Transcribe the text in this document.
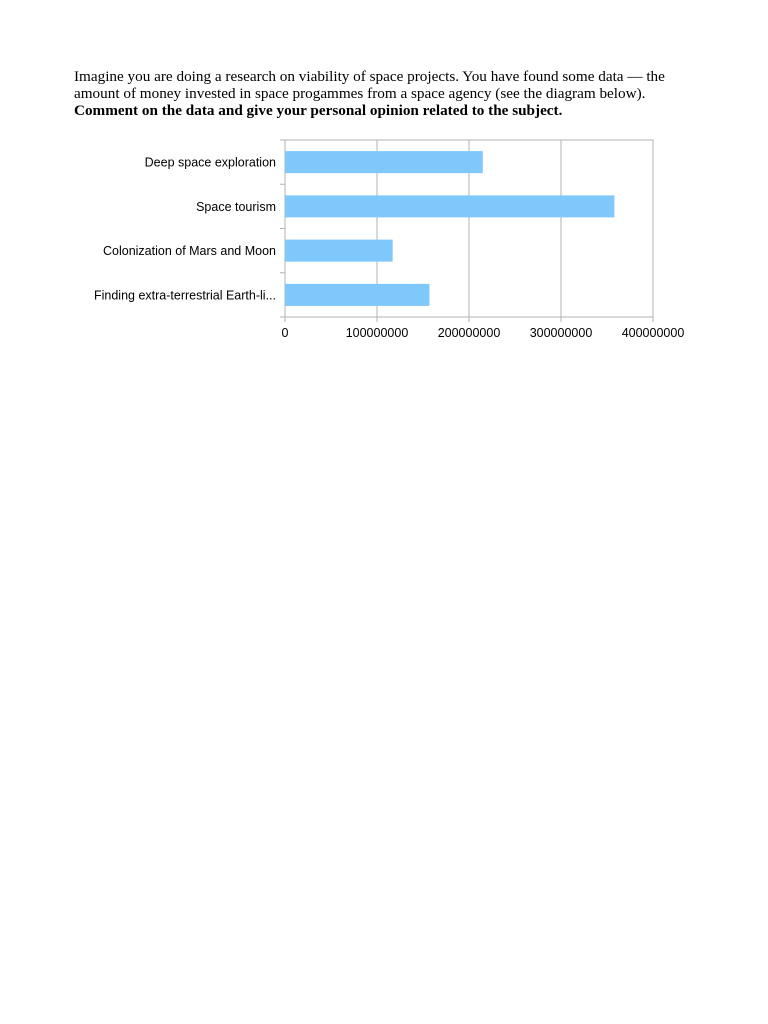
Imagine you are doing a research on viability of space projects. You have found some data — the amount of money invested in space progammes from a space agency (see the diagram below).
Comment on the data and give your personal opinion related to the subject.

Deep space exploration
Space tourism
Colonization of Mars and Moon
Finding extra-terrestrial Earth-li...
0	100000000 200000000 300000000 400000000
